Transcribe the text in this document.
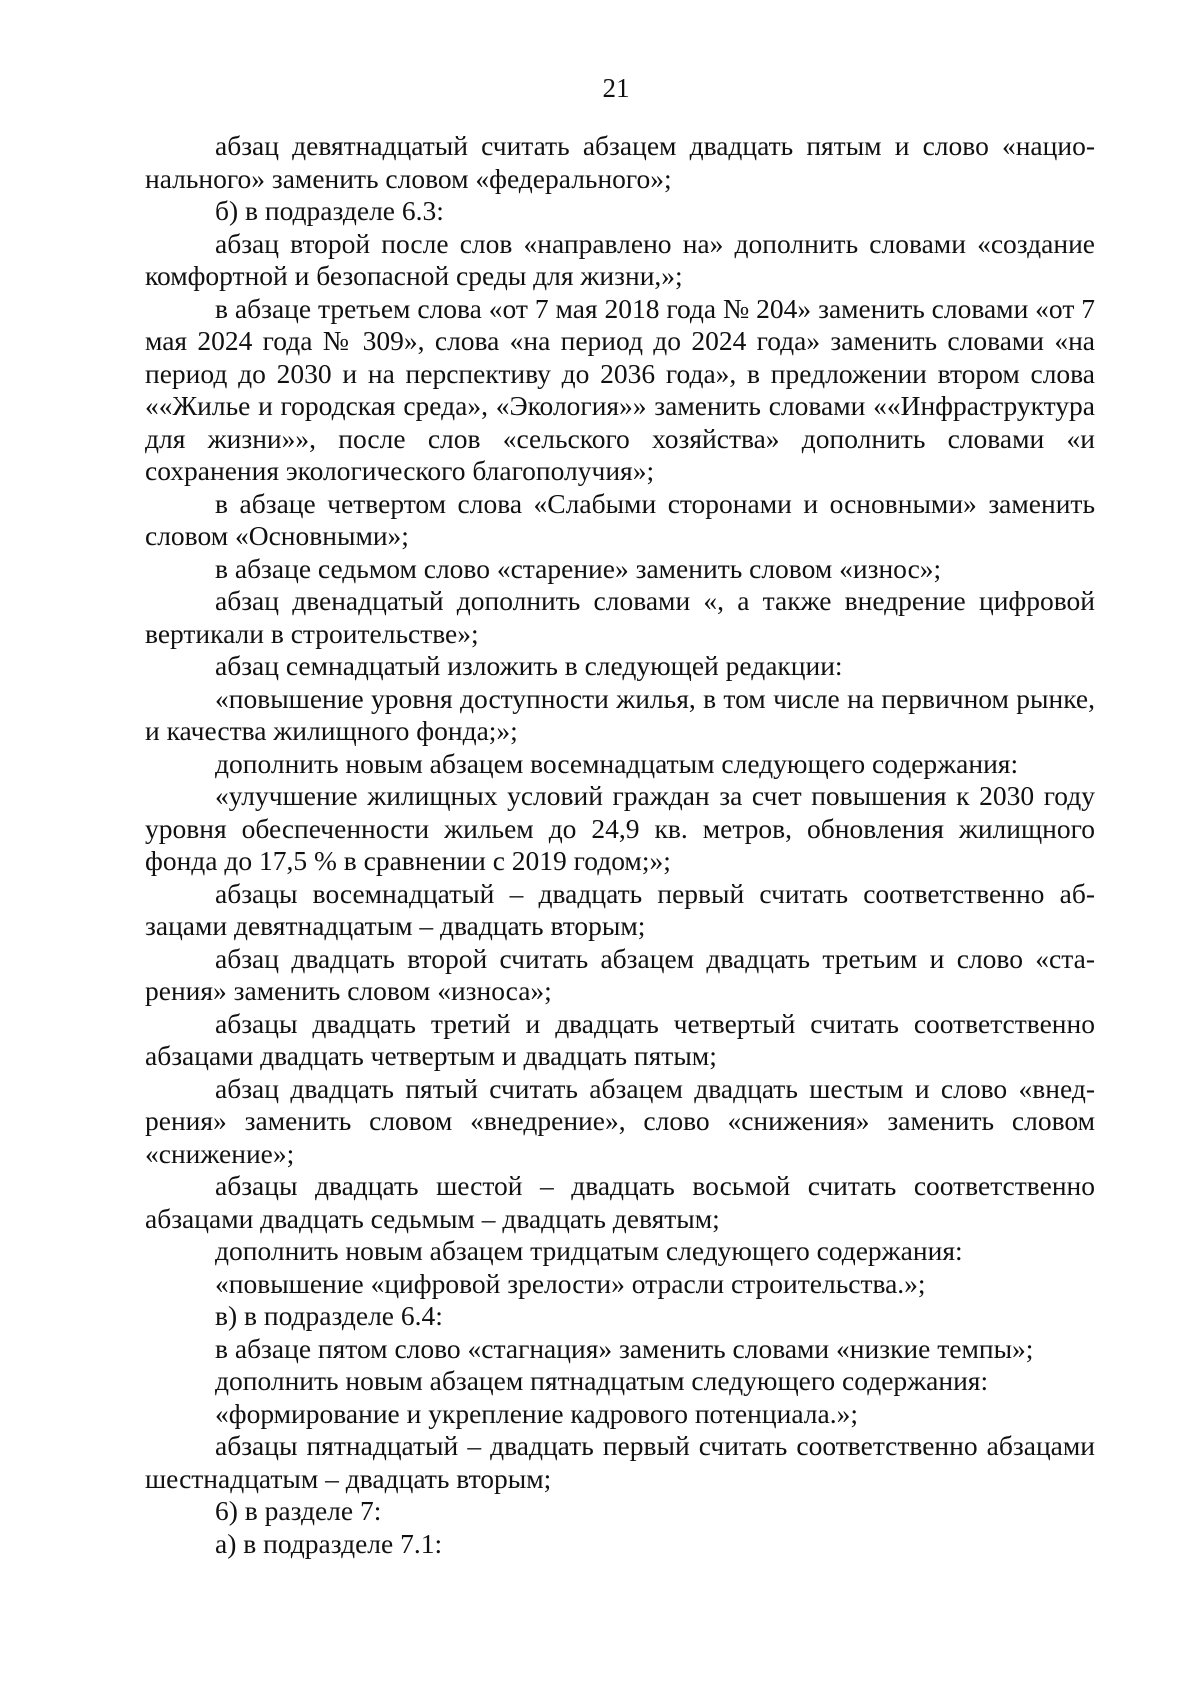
21

абзац девятнадцатый считать абзацем двадцать пятым и слово «национального» заменить словом «федерального»;

б) в подразделе 6.3:

абзац второй после слов «направлено на» дополнить словами «создание комфортной и безопасной среды для жизни,»;

в абзаце третьем слова «от 7 мая 2018 года № 204» заменить словами «от 7 мая 2024 года № 309», слова «на период до 2024 года» заменить словами «на период до 2030 и на перспективу до 2036 года», в предложении втором слова ««Жилье и городская среда», «Экология»» заменить словами ««Инфраструктура для жизни»», после слов «сельского хозяйства» дополнить словами «и сохранения экологического благополучия»;

в абзаце четвертом слова «Слабыми сторонами и основными» заменить словом «Основными»;

в абзаце седьмом слово «старение» заменить словом «износ»;

абзац двенадцатый дополнить словами «, а также внедрение цифровой вертикали в строительстве»;

абзац семнадцатый изложить в следующей редакции:

«повышение уровня доступности жилья, в том числе на первичном рынке, и качества жилищного фонда;»;

дополнить новым абзацем восемнадцатым следующего содержания:

«улучшение жилищных условий граждан за счет повышения к 2030 году уровня обеспеченности жильем до 24,9 кв. метров, обновления жилищного фонда до 17,5 % в сравнении с 2019 годом;»;

абзацы восемнадцатый – двадцать первый считать соответственно абзацами девятнадцатым – двадцать вторым;

абзац двадцать второй считать абзацем двадцать третьим и слово «старения» заменить словом «износа»;

абзацы двадцать третий и двадцать четвертый считать соответственно абзацами двадцать четвертым и двадцать пятым;

абзац двадцать пятый считать абзацем двадцать шестым и слово «внедрения» заменить словом «внедрение», слово «снижения» заменить словом «снижение»;

абзацы двадцать шестой – двадцать восьмой считать соответственно абзацами двадцать седьмым – двадцать девятым;

дополнить новым абзацем тридцатым следующего содержания:

«повышение «цифровой зрелости» отрасли строительства.»;

в) в подразделе 6.4:

в абзаце пятом слово «стагнация» заменить словами «низкие темпы»;

дополнить новым абзацем пятнадцатым следующего содержания:

«формирование и укрепление кадрового потенциала.»;

абзацы пятнадцатый – двадцать первый считать соответственно абзацами шестнадцатым – двадцать вторым;

6) в разделе 7:

а) в подразделе 7.1:
